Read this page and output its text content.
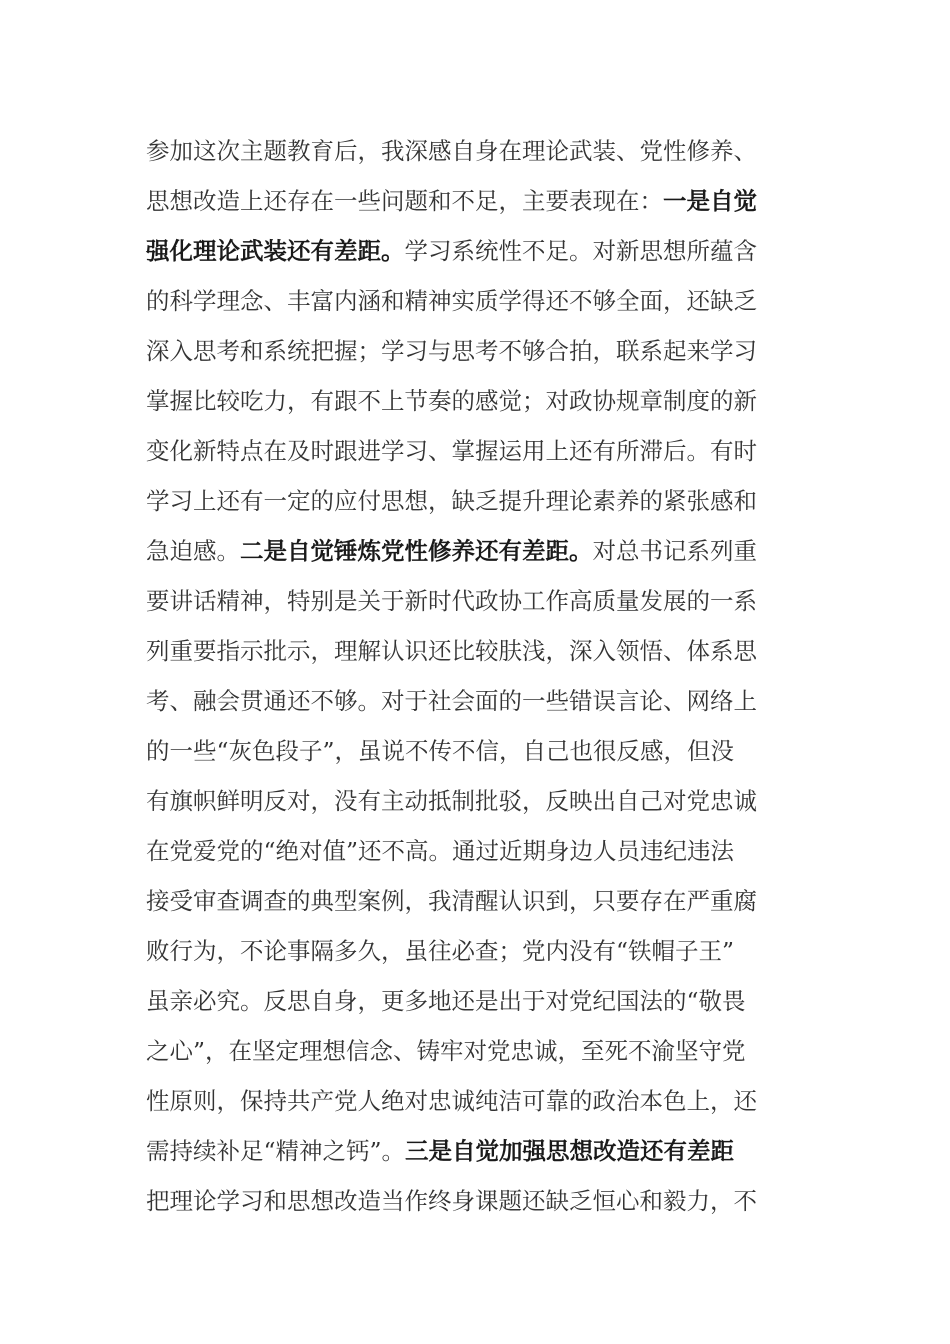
参加这次主题教育后，我深感自身在理论武装、党性修养、
思想改造上还存在一些问题和不足，主要表现在：一是自觉
强化理论武装还有差距。学习系统性不足。对新思想所蕴含
的科学理念、丰富内涵和精神实质学得还不够全面，还缺乏
深入思考和系统把握；学习与思考不够合拍，联系起来学习
掌握比较吃力，有跟不上节奏的感觉；对政协规章制度的新
变化新特点在及时跟进学习、掌握运用上还有所滞后。有时
学习上还有一定的应付思想，缺乏提升理论素养的紧张感和
急迫感。二是自觉锤炼党性修养还有差距。对总书记系列重
要讲话精神，特别是关于新时代政协工作高质量发展的一系
列重要指示批示，理解认识还比较肤浅，深入领悟、体系思
考、融会贯通还不够。对于社会面的一些错误言论、网络上
的一些“灰色段子”，虽说不传不信，自己也很反感，但没
有旗帜鲜明反对，没有主动抵制批驳，反映出自己对党忠诚
在党爱党的“绝对值”还不高。通过近期身边人员违纪违法
接受审查调查的典型案例，我清醒认识到，只要存在严重腐
败行为，不论事隔多久，虽往必查；党内没有“铁帽子王”
虽亲必究。反思自身，更多地还是出于对党纪国法的“敬畏
之心”，在坚定理想信念、铸牢对党忠诚，至死不渝坚守党
性原则，保持共产党人绝对忠诚纯洁可靠的政治本色上，还
需持续补足“精神之钙”。三是自觉加强思想改造还有差距
把理论学习和思想改造当作终身课题还缺乏恒心和毅力，不
